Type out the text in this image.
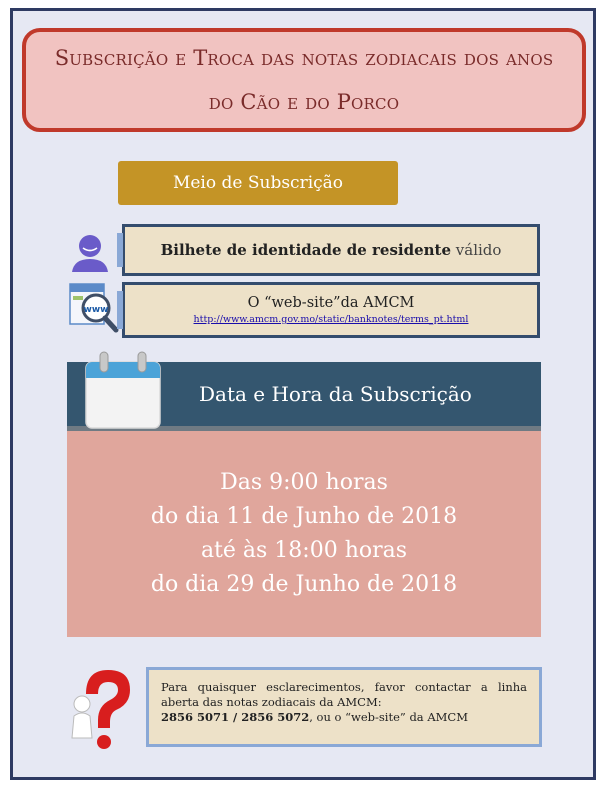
Subscrição e Troca das notas zodiacais dos anos
do Cão e do Porco
Meio de Subscrição
Bilhete de identidade de residente válido
www	O “web-site”da AMCM
http://www.amcm.gov.mo/static/banknotes/terms_pt.html
Data e Hora da Subscrição
Das 9:00 horas
do dia 11 de Junho de 2018
até às 18:00 horas
do dia 29 de Junho de 2018
Para quaisquer esclarecimentos, favor contactar a linha aberta das notas zodiacais da AMCM:
2856 5071 / 2856 5072, ou o “web-site” da AMCM
